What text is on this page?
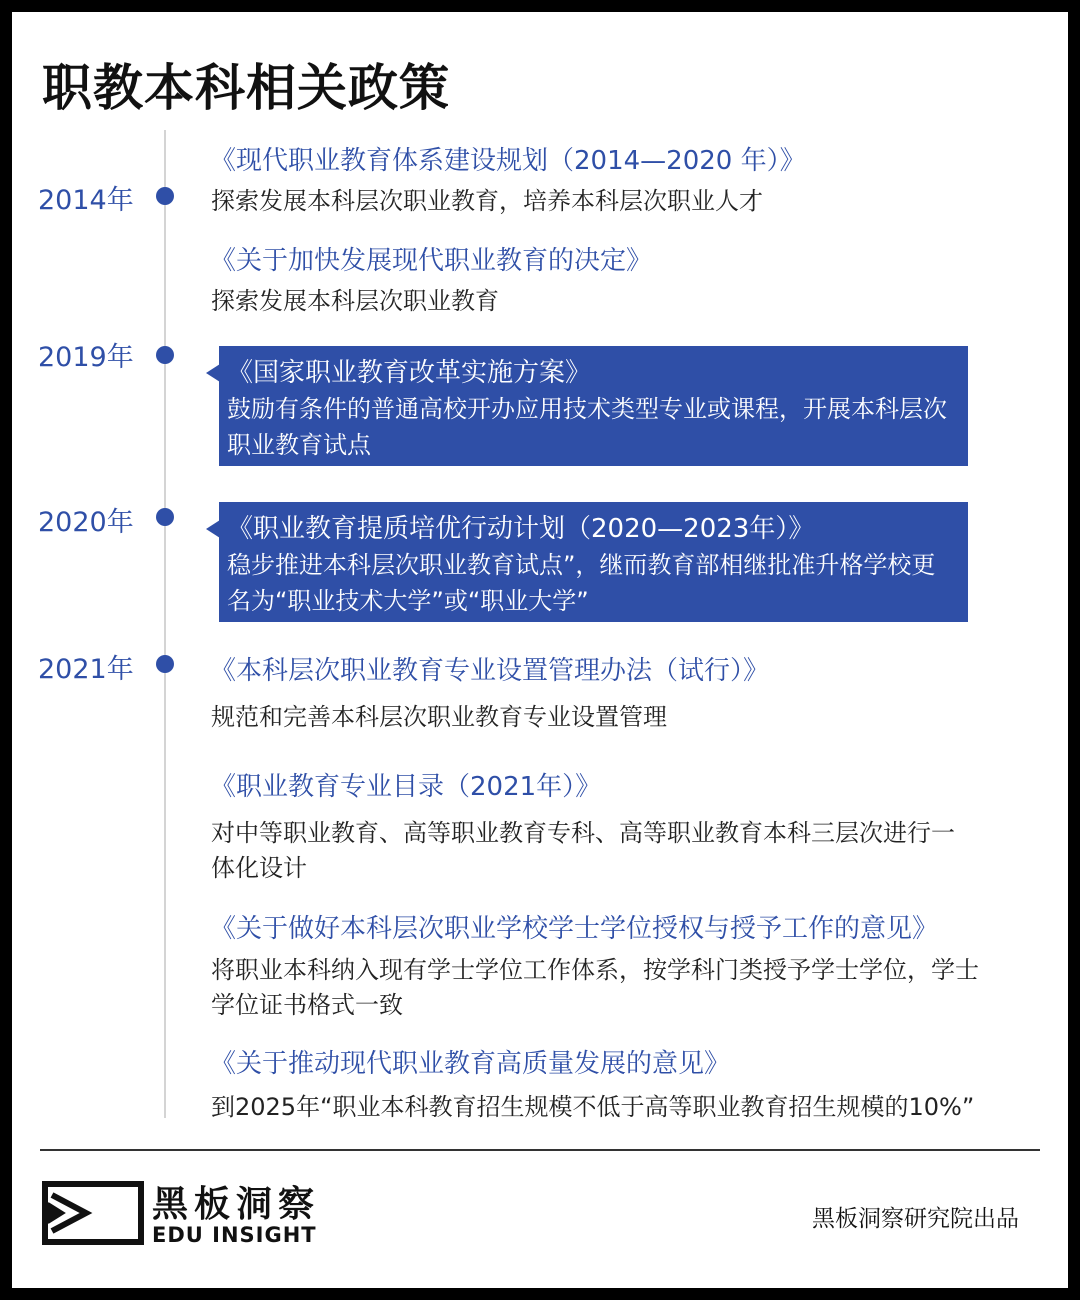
职教本科相关政策
2014年
2019年
2020年
2021年
《现代职业教育体系建设规划（2014—2020 年）》
探索发展本科层次职业教育，培养本科层次职业人才
《关于加快发展现代职业教育的决定》
探索发展本科层次职业教育
《国家职业教育改革实施方案》
鼓励有条件的普通高校开办应用技术类型专业或课程，开展本科层次职业教育试点
《职业教育提质培优行动计划（2020—2023年）》
稳步推进本科层次职业教育试点”，继而教育部相继批准升格学校更名为“职业技术大学”或“职业大学”
《本科层次职业教育专业设置管理办法（试行）》
规范和完善本科层次职业教育专业设置管理
《职业教育专业目录（2021年）》
对中等职业教育、高等职业教育专科、高等职业教育本科三层次进行一体化设计
《关于做好本科层次职业学校学士学位授权与授予工作的意见》
将职业本科纳入现有学士学位工作体系，按学科门类授予学士学位，学士学位证书格式一致
《关于推动现代职业教育高质量发展的意见》
到2025年“职业本科教育招生规模不低于高等职业教育招生规模的10%”
黑板洞察
EDU INSIGHT
黑板洞察研究院出品
